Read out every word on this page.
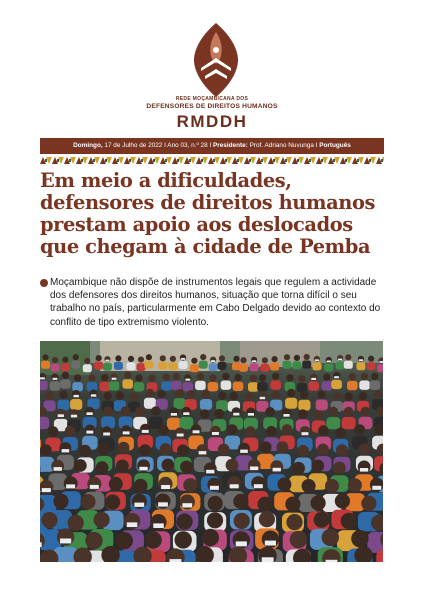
REDE MOÇAMBICANA DOS
DEFENSORES DE DIREITOS HUMANOS
RMDDH
Domingo, 17 de Julho de 2022 I Ano 03, n.º 28 I Presidente: Prof. Adriano Nuvunga I Português
Em meio a dificuldades, defensores de direitos humanos prestam apoio aos deslocados que chegam à cidade de Pemba

Moçambique não dispõe de instrumentos legais que regulem a actividade dos defensores dos direitos humanos, situação que torna difícil o seu trabalho no país, particularmente em Cabo Delgado devido ao contexto do conflito de tipo extremismo violento.
